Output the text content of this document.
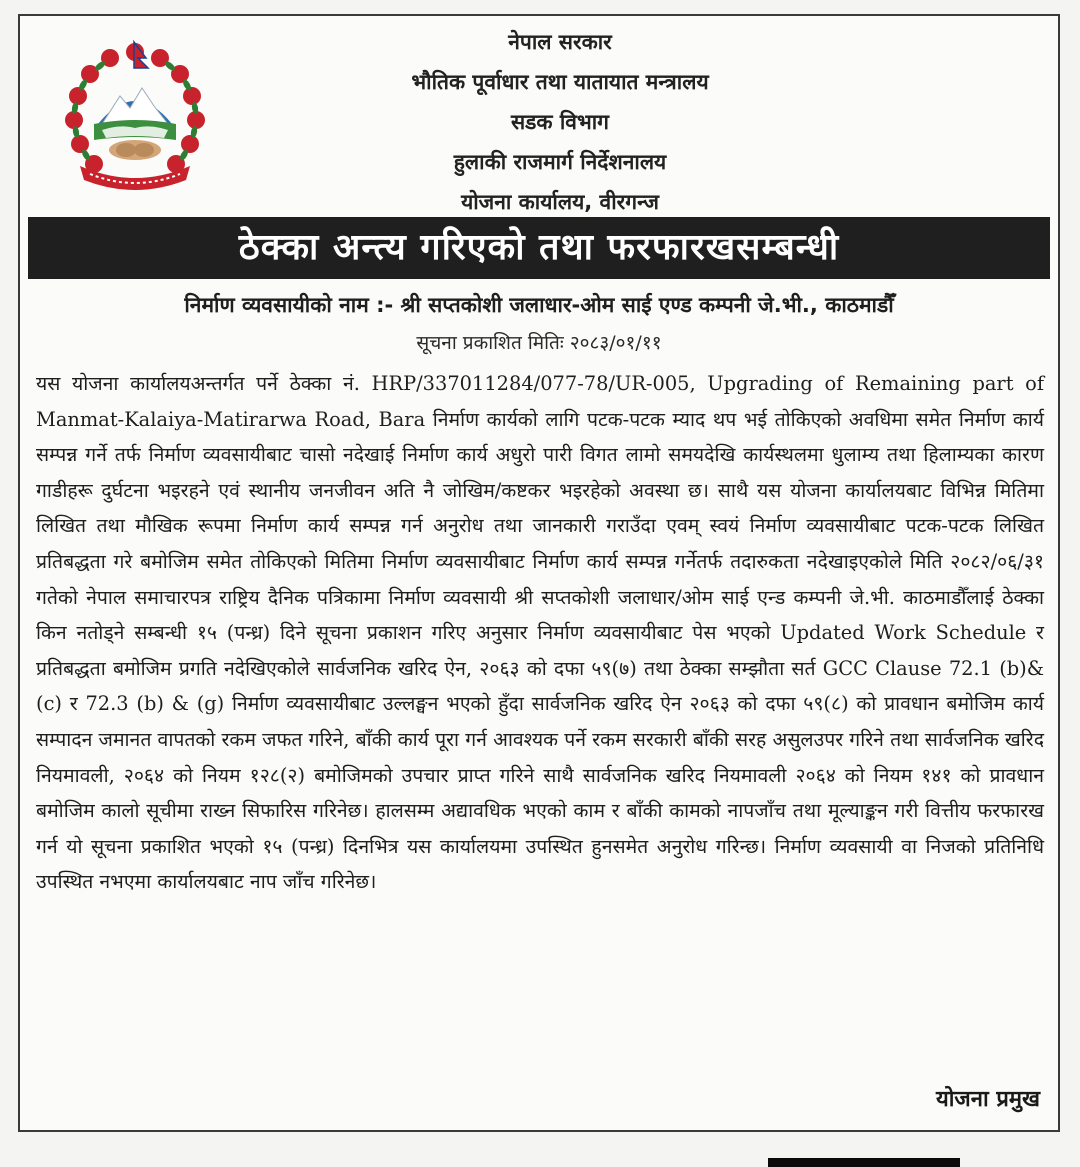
नेपाल सरकार
भौतिक पूर्वाधार तथा यातायात मन्त्रालय
सडक विभाग
हुलाकी राजमार्ग निर्देशनालय
योजना कार्यालय, वीरगन्ज
ठेक्का अन्त्य गरिएको तथा फरफारखसम्बन्धी
निर्माण व्यवसायीको नाम :- श्री सप्तकोशी जलाधार-ओम साई एण्ड कम्पनी जे.भी., काठमाडौँ
सूचना प्रकाशित मितिः २०८३/०१/११

यस योजना कार्यालयअन्तर्गत पर्ने ठेक्का नं. HRP/337011284/077-78/UR-005, Upgrading of Remaining part of Manmat-Kalaiya-Matirarwa Road, Bara निर्माण कार्यको लागि पटक-पटक म्याद थप भई तोकिएको अवधिमा समेत निर्माण कार्य सम्पन्न गर्ने तर्फ निर्माण व्यवसायीबाट चासो नदेखाई निर्माण कार्य अधुरो पारी विगत लामो समयदेखि कार्यस्थलमा धुलाम्य तथा हिलाम्यका कारण गाडीहरू दुर्घटना भइरहने एवं स्थानीय जनजीवन अति नै जोखिम/कष्टकर भइरहेको अवस्था छ। साथै यस योजना कार्यालयबाट विभिन्न मितिमा लिखित तथा मौखिक रूपमा निर्माण कार्य सम्पन्न गर्न अनुरोध तथा जानकारी गराउँदा एवम् स्वयं निर्माण व्यवसायीबाट पटक-पटक लिखित प्रतिबद्धता गरे बमोजिम समेत तोकिएको मितिमा निर्माण व्यवसायीबाट निर्माण कार्य सम्पन्न गर्नेतर्फ तदारुकता नदेखाइएकोले मिति २०८२/०६/३१ गतेको नेपाल समाचारपत्र राष्ट्रिय दैनिक पत्रिकामा निर्माण व्यवसायी श्री सप्तकोशी जलाधार/ओम साई एन्ड कम्पनी जे.भी. काठमाडौँलाई ठेक्का किन नतोड्ने सम्बन्धी १५ (पन्ध्र) दिने सूचना प्रकाशन गरिए अनुसार निर्माण व्यवसायीबाट पेस भएको Updated Work Schedule र प्रतिबद्धता बमोजिम प्रगति नदेखिएकोले सार्वजनिक खरिद ऐन, २०६३ को दफा ५९(७) तथा ठेक्का सम्झौता सर्त GCC Clause 72.1 (b)&(c) र 72.3 (b) & (g) निर्माण व्यवसायीबाट उल्लङ्घन भएको हुँदा सार्वजनिक खरिद ऐन २०६३ को दफा ५९(८) को प्रावधान बमोजिम कार्य सम्पादन जमानत वापतको रकम जफत गरिने, बाँकी कार्य पूरा गर्न आवश्यक पर्ने रकम सरकारी बाँकी सरह असुलउपर गरिने तथा सार्वजनिक खरिद नियमावली, २०६४ को नियम १२८(२) बमोजिमको उपचार प्राप्त गरिने साथै सार्वजनिक खरिद नियमावली २०६४ को नियम १४१ को प्रावधान बमोजिम कालो सूचीमा राख्न सिफारिस गरिनेछ। हालसम्म अद्यावधिक भएको काम र बाँकी कामको नापजाँच तथा मूल्याङ्कन गरी वित्तीय फरफारख गर्न यो सूचना प्रकाशित भएको १५ (पन्ध्र) दिनभित्र यस कार्यालयमा उपस्थित हुनसमेत अनुरोध गरिन्छ। निर्माण व्यवसायी वा निजको प्रतिनिधि उपस्थित नभएमा कार्यालयबाट नाप जाँच गरिनेछ।

योजना प्रमुख
